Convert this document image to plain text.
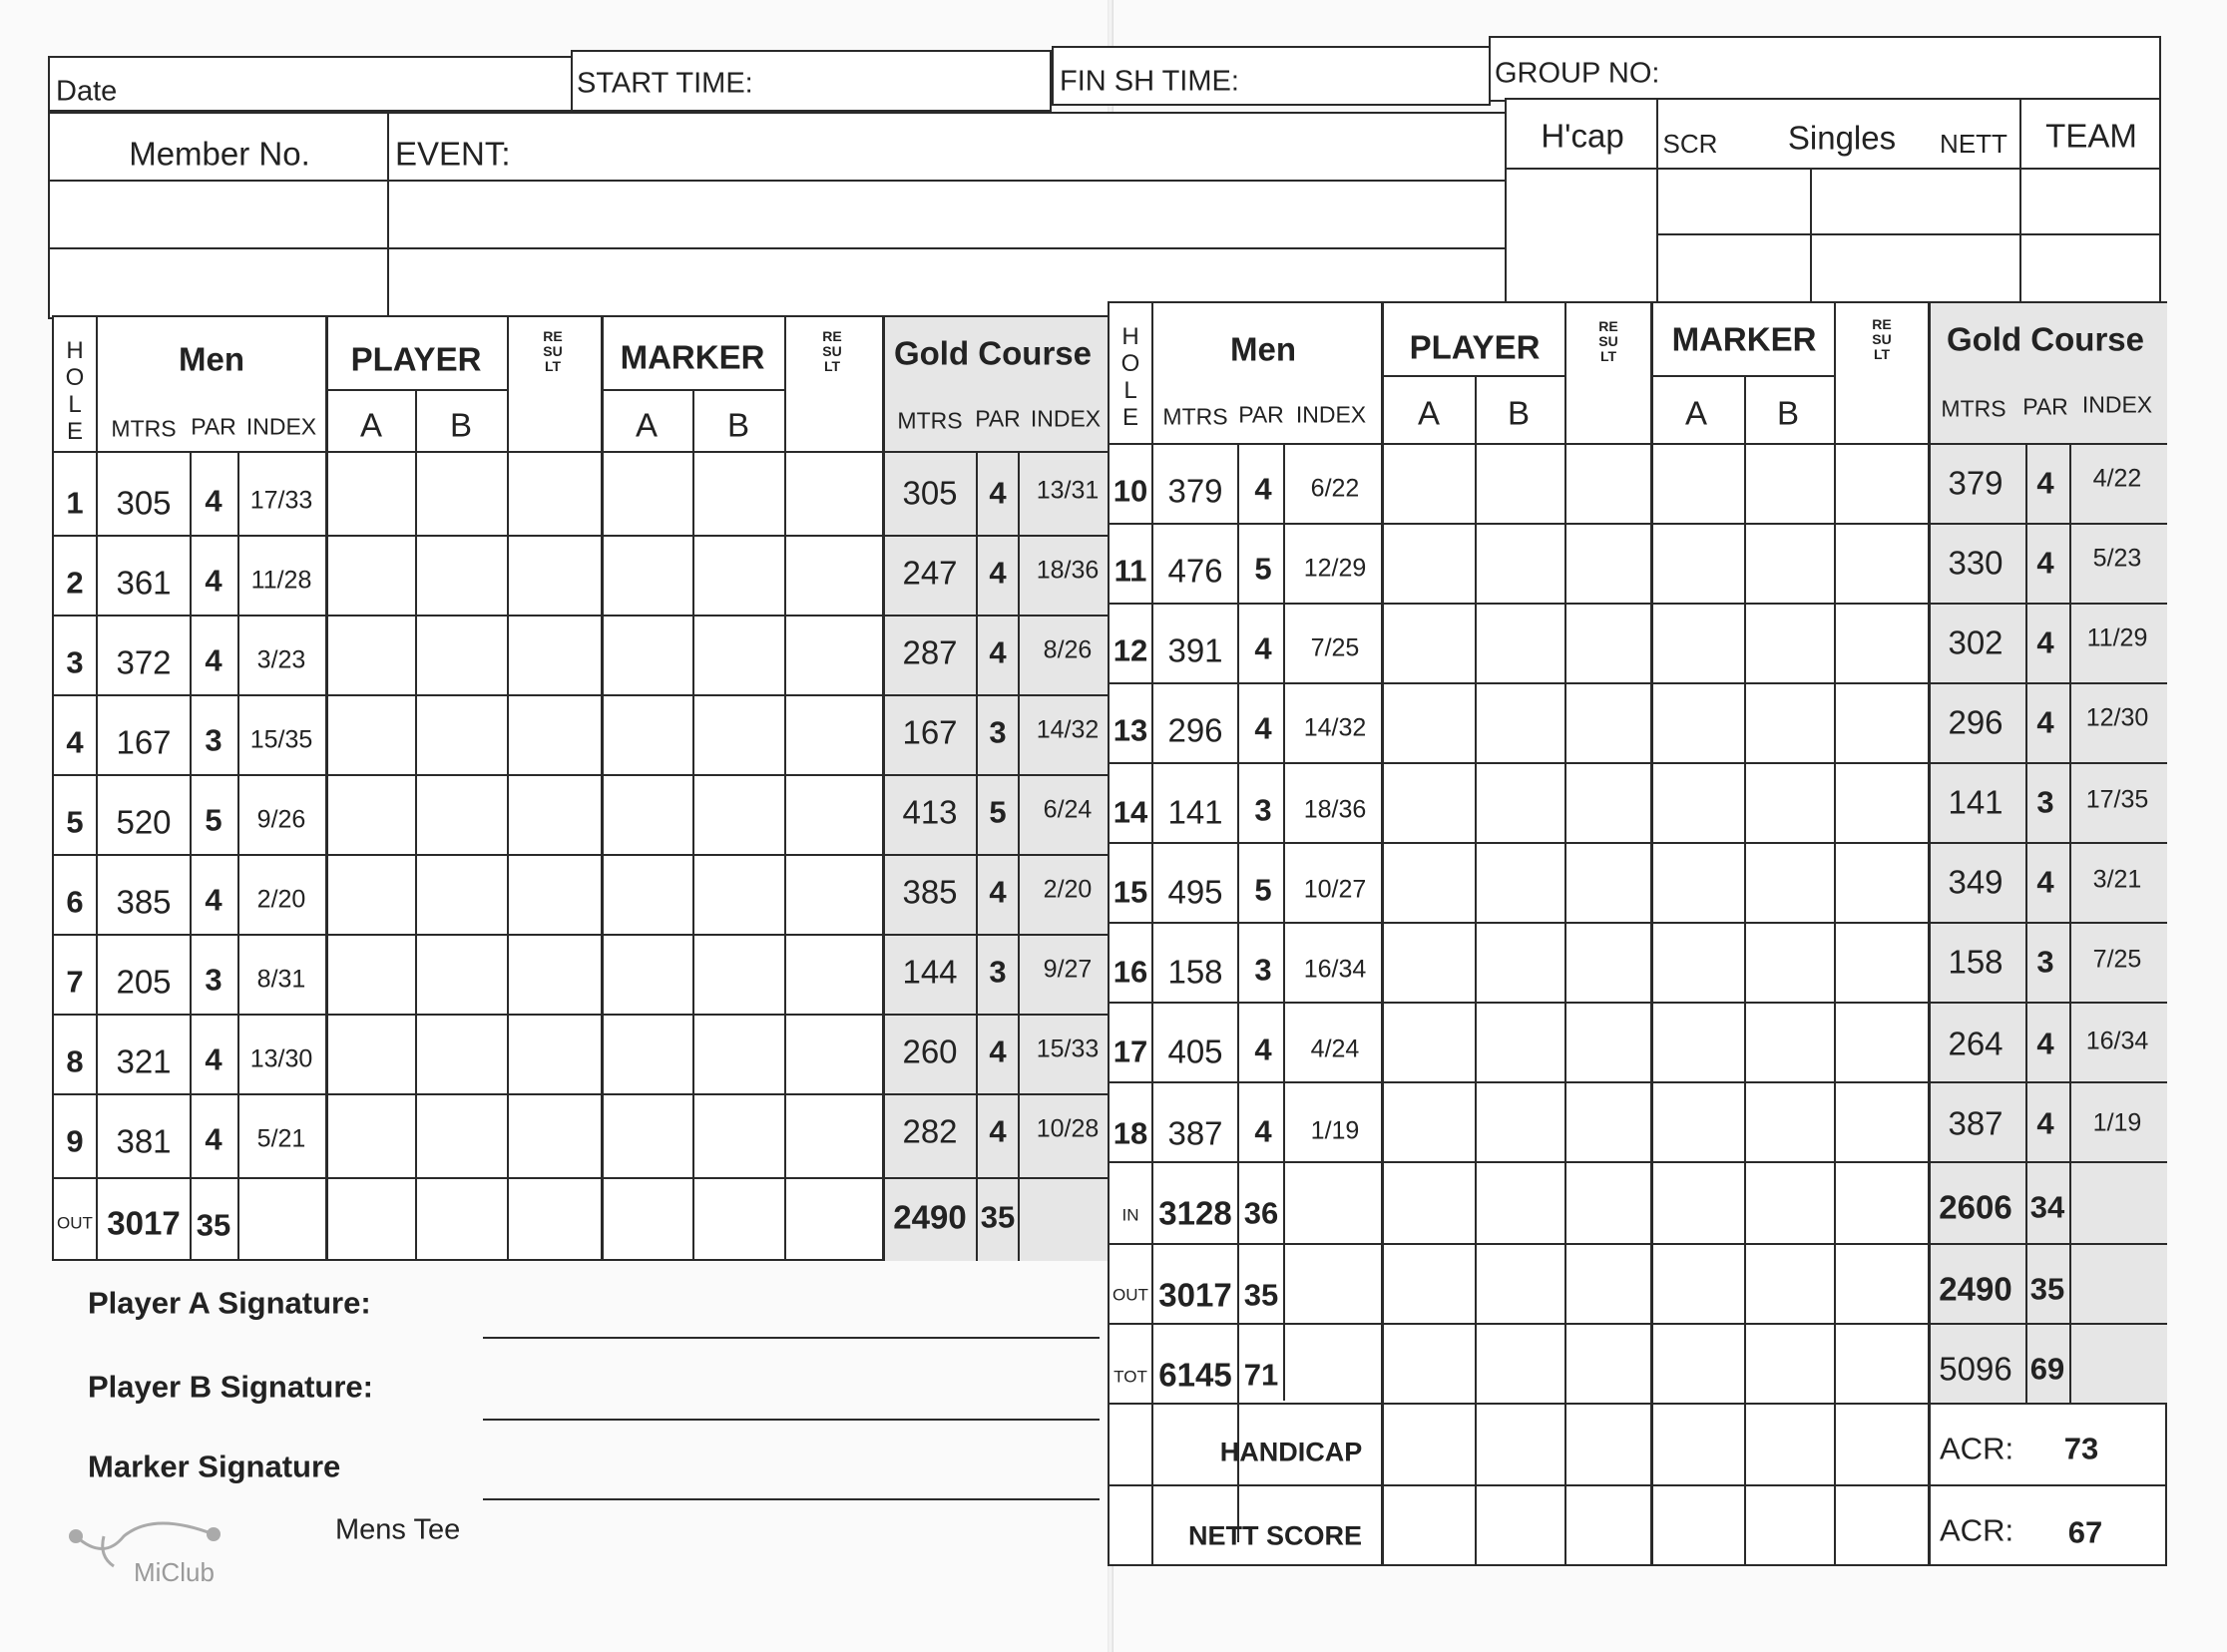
Date	START TIME:	FIN SH TIME:	GROUP NO:
Member No.	EVENT:	H'cap SCR Singles NETT TEAM
HOLE
Men
MTRS PAR INDEX
PLAYER
A B
RESULT MARKER
A B
RESULT Gold Course
MTRS PAR INDEX
1 305 4 17/33	305 4 13/31
2 361 4 11/28	247 4 18/36
3 372 4 3/23	287 4 8/26
4 167 3 15/35	167 3 14/32
5 520 5 9/26	413 5 6/24
6 385 4 2/20	385 4 2/20
7 205 3 8/31	144 3 9/27
8 321 4 13/30	260 4 15/33
9 381 4 5/21	282 4 10/28
OUT 3017 35	2490 35
HOLE
Men
MTRS PAR INDEX
PLAYER
A B
RESULT MARKER
A B
RESULT Gold Course
MTRS PAR INDEX
10 379 4 6/22	379 4 4/22
11 476 5 12/29	330 4 5/23
12 391 4 7/25	302 4 11/29
13 296 4 14/32	296 4 12/30
14 141 3 18/36	141 3 17/35
15 495 5 10/27	349 4 3/21
16 158 3 16/34	158 3 7/25
17 405 4 4/24	264 4 16/34
18 387 4 1/19	387 4 1/19
IN 3128 36	2606 34
OUT 3017 35	2490 35
TOT 6145 71	5096 69
HANDICAP
NETT SCORE
ACR: 73
ACR: 67
Player A Signature:
Player B Signature:
Marker Signature
Mens Tee
MiClub
